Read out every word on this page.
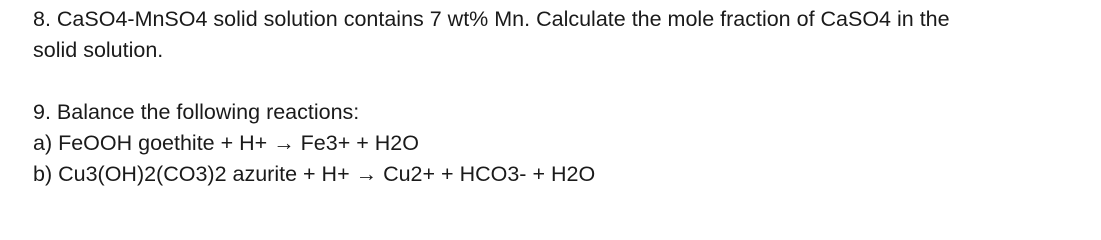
8. CaSO4-MnSO4 solid solution contains 7 wt% Mn. Calculate the mole fraction of CaSO4 in the
solid solution.
9. Balance the following reactions:
a) FeOOH goethite + H+ → Fe3+ + H2O
b) Cu3(OH)2(CO3)2 azurite + H+ → Cu2+ + HCO3- + H2O
